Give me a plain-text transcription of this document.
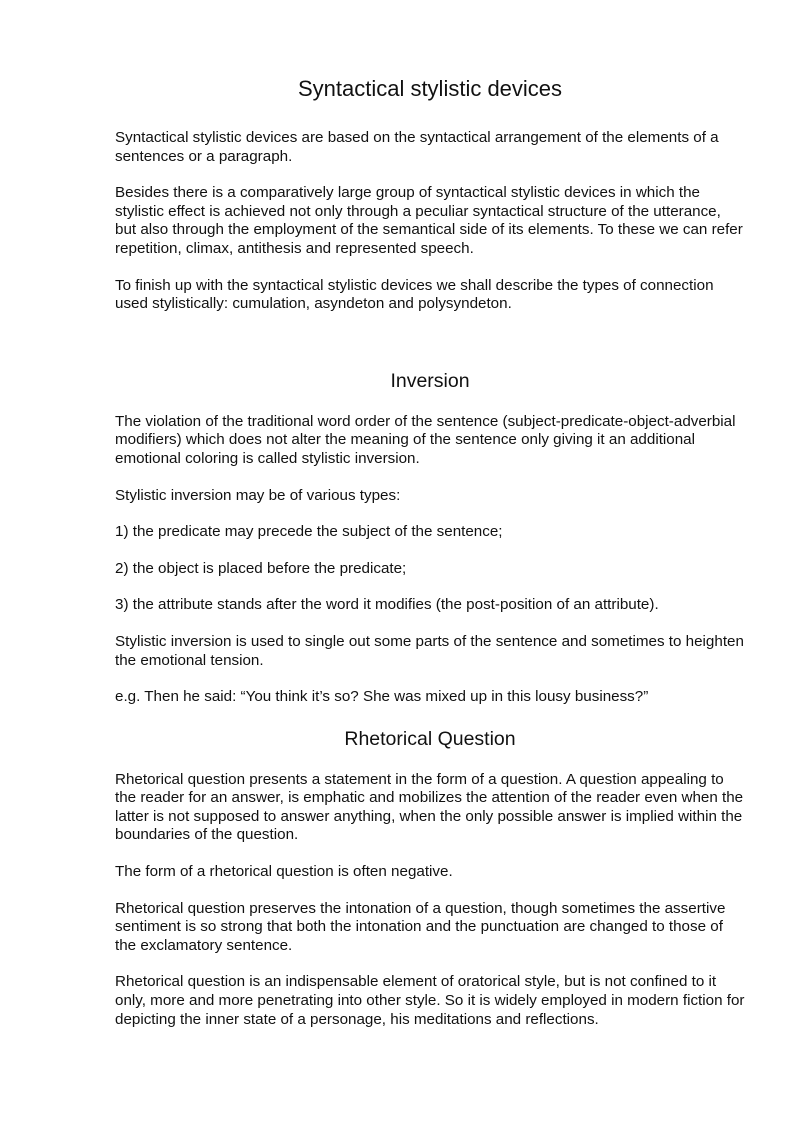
Syntactical stylistic devices

Syntactical stylistic devices are based on the syntactical arrangement of the elements of a sentences or a paragraph.

Besides there is a comparatively large group of syntactical stylistic devices in which the stylistic effect is achieved not only through a peculiar syntactical structure of the utterance, but also through the employment of the semantical side of its elements. To these we can refer repetition, climax, antithesis and represented speech.

To finish up with the syntactical stylistic devices we shall describe the types of connection used stylistically: cumulation, asyndeton and polysyndeton.

Inversion

The violation of the traditional word order of the sentence (subject-predicate-object-adverbial modifiers) which does not alter the meaning of the sentence only giving it an additional emotional coloring is called stylistic inversion.

Stylistic inversion may be of various types:

1) the predicate may precede the subject of the sentence;

2) the object is placed before the predicate;

3) the attribute stands after the word it modifies (the post-position of an attribute).

Stylistic inversion is used to single out some parts of the sentence and sometimes to heighten the emotional tension.

e.g. Then he said: “You think it’s so? She was mixed up in this lousy business?”

Rhetorical Question

Rhetorical question presents a statement in the form of a question. A question appealing to the reader for an answer, is emphatic and mobilizes the attention of the reader even when the latter is not supposed to answer anything, when the only possible answer is implied within the boundaries of the question.

The form of a rhetorical question is often negative.

Rhetorical question preserves the intonation of a question, though sometimes the assertive sentiment is so strong that both the intonation and the punctuation are changed to those of the exclamatory sentence.

Rhetorical question is an indispensable element of oratorical style, but is not confined to it only, more and more penetrating into other style. So it is widely employed in modern fiction for depicting the inner state of a personage, his meditations and reflections.
